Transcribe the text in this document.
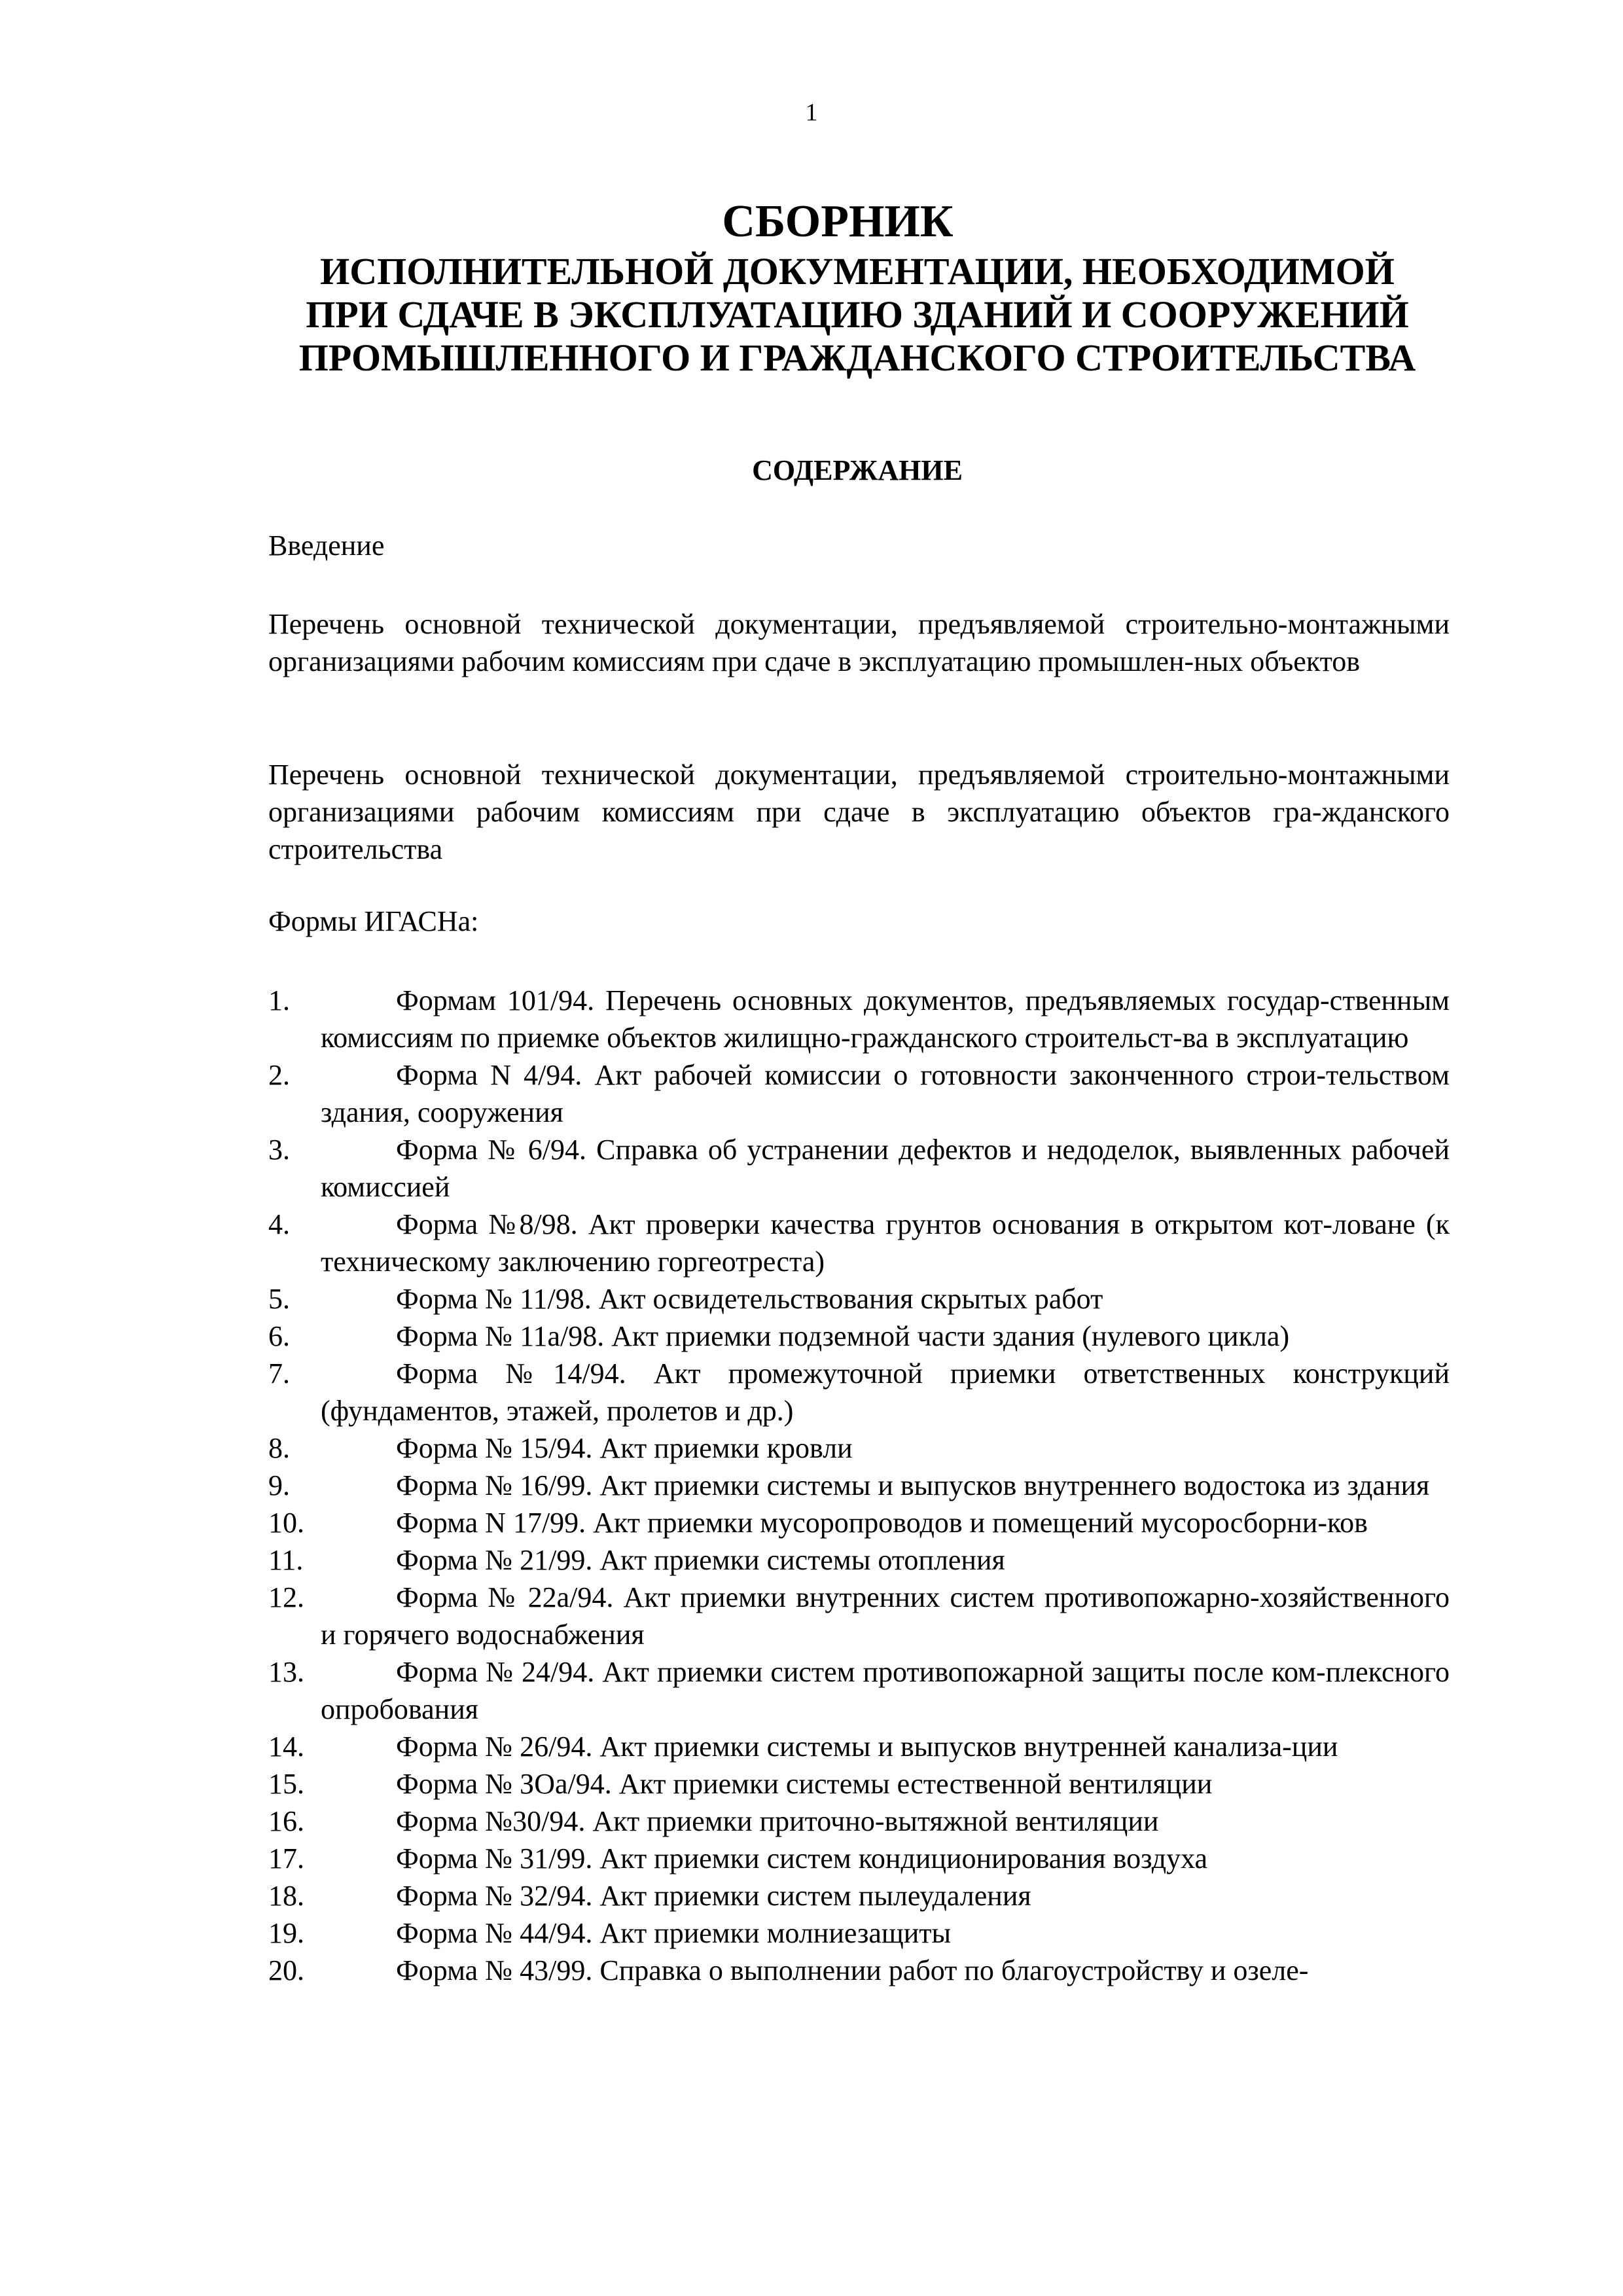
1
СБОРНИК
ИСПОЛНИТЕЛЬНОЙ ДОКУМЕНТАЦИИ, НЕОБХОДИМОЙ
ПРИ СДАЧЕ В ЭКСПЛУАТАЦИЮ ЗДАНИЙ И СООРУЖЕНИЙ
ПРОМЫШЛЕННОГО И ГРАЖДАНСКОГО СТРОИТЕЛЬСТВА
СОДЕРЖАНИЕ
Введение
Перечень основной технической документации, предъявляемой строительно-монтажными организациями рабочим комиссиям при сдаче в эксплуатацию промышлен-ных объектов
Перечень основной технической документации, предъявляемой строительно-монтажными организациями рабочим комиссиям при сдаче в эксплуатацию объектов гра-жданского строительства
Формы ИГАСНа:
1.	Формам 101/94. Перечень основных документов, предъявляемых государ-ственным комиссиям по приемке объектов жилищно-гражданского строительст-ва в эксплуатацию
2.	Форма N 4/94. Акт рабочей комиссии о готовности законченного строи-тельством здания, сооружения
3.	Форма № 6/94. Справка об устранении дефектов и недоделок, выявленных рабочей комиссией
4.	Форма №8/98. Акт проверки качества грунтов основания в открытом кот-ловане (к техническому заключению горгеотреста)
5.	Форма № 11/98. Акт освидетельствования скрытых работ
6.	Форма № 11а/98. Акт приемки подземной части здания (нулевого цикла)
7.	Форма №14/94. Акт промежуточной приемки ответственных конструкций (фундаментов, этажей, пролетов и др.)
8.	Форма № 15/94. Акт приемки кровли
9.	Форма № 16/99. Акт приемки системы и выпусков внутреннего водостока из здания
10.	Форма N 17/99. Акт приемки мусоропроводов и помещений мусоросборни-ков
11.	Форма № 21/99. Акт приемки системы отопления
12.	Форма № 22а/94. Акт приемки внутренних систем противопожарно-хозяйственного и горячего водоснабжения
13.	Форма № 24/94. Акт приемки систем противопожарной защиты после ком-плексного опробования
14.	Форма № 26/94. Акт приемки системы и выпусков внутренней канализа-ции
15.	Форма № ЗОа/94. Акт приемки системы естественной вентиляции
16.	Форма №30/94. Акт приемки приточно-вытяжной вентиляции
17.	Форма № 31/99. Акт приемки систем кондиционирования воздуха
18.	Форма № 32/94. Акт приемки систем пылеудаления
19.	Форма № 44/94. Акт приемки молниезащиты
20.	Форма № 43/99. Справка о выполнении работ по благоустройству и озеле-
